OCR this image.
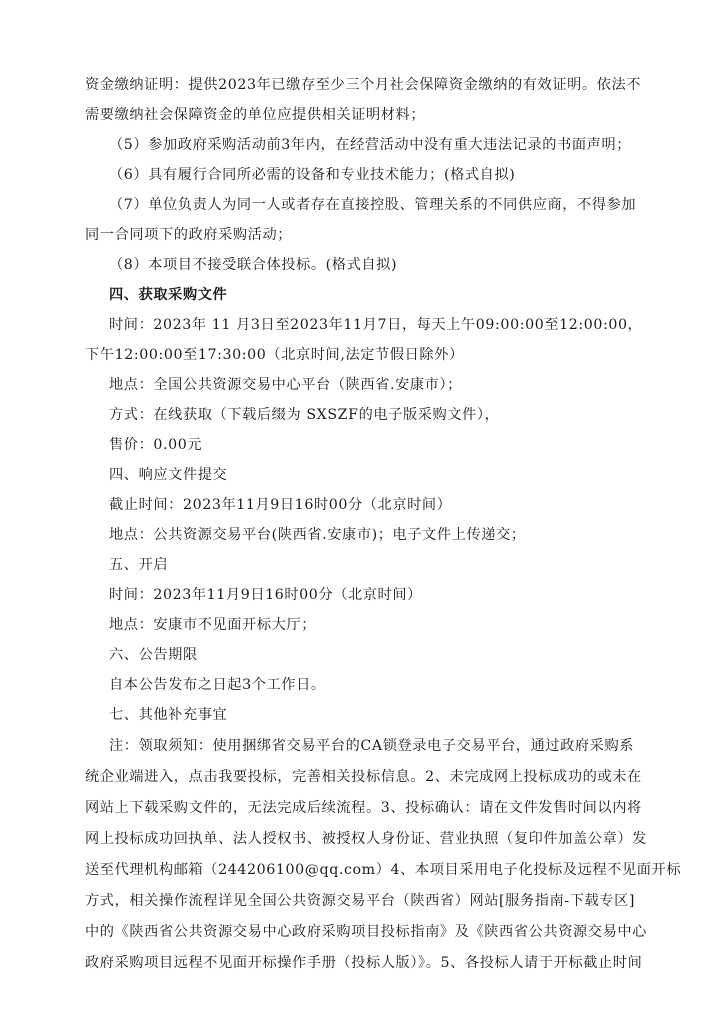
资金缴纳证明：提供2023年已缴存至少三个月社会保障资金缴纳的有效证明。依法不
需要缴纳社会保障资金的单位应提供相关证明材料；
（5）参加政府采购活动前3年内，在经营活动中没有重大违法记录的书面声明；
（6）具有履行合同所必需的设备和专业技术能力；(格式自拟)
（7）单位负责人为同一人或者存在直接控股、管理关系的不同供应商，不得参加
同一合同项下的政府采购活动；
（8）本项目不接受联合体投标。(格式自拟)
四、获取采购文件
时间：2023年 11 月3日至2023年11月7日，每天上午09:00:00至12:00:00，
下午12:00:00至17:30:00（北京时间,法定节假日除外）
地点：全国公共资源交易中心平台（陕西省.安康市）；
方式：在线获取（下载后缀为 SXSZF的电子版采购文件），
售价：0.00元
四、响应文件提交
截止时间：2023年11月9日16时00分（北京时间）
地点：公共资源交易平台(陕西省.安康市)；电子文件上传递交；
五、开启
时间：2023年11月9日16时00分（北京时间）
地点：安康市不见面开标大厅；
六、公告期限
自本公告发布之日起3个工作日。
七、其他补充事宜
注：领取须知：使用捆绑省交易平台的CA锁登录电子交易平台，通过政府采购系
统企业端进入，点击我要投标，完善相关投标信息。2、未完成网上投标成功的或未在
网站上下载采购文件的，无法完成后续流程。3、投标确认：请在文件发售时间以内将
网上投标成功回执单、法人授权书、被授权人身份证、营业执照（复印件加盖公章）发
送至代理机构邮箱（244206100@qq.com）4、本项目采用电子化投标及远程不见面开标
方式，相关操作流程详见全国公共资源交易平台（陕西省）网站[服务指南-下载专区]
中的《陕西省公共资源交易中心政府采购项目投标指南》及《陕西省公共资源交易中心
政府采购项目远程不见面开标操作手册（投标人版）》。5、各投标人请于开标截止时间
